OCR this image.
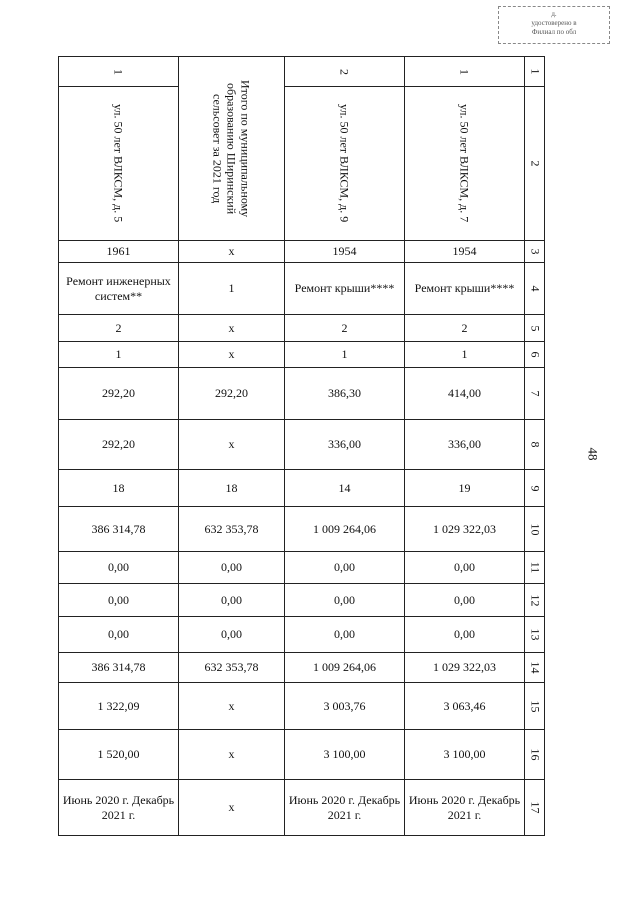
д.
удостоверено в
Филиал по обл
48
1	Итого по муниципальному образованию Ширинский сельсовет за 2021 год	2	1	1

ул. 50 лет ВЛКСМ, д. 5		ул. 50 лет ВЛКСМ, д. 9	ул. 50 лет ВЛКСМ, д. 7	2
1961	x	1954	1954	3
Ремонт инженерных систем**	1	Ремонт крыши****	Ремонт крыши****	4
2	x	2	2	5
1	x	1	1	6
292,20	292,20	386,30	414,00	7
292,20	x	336,00	336,00	8
18	18	14	19	9
386 314,78	632 353,78	1 009 264,06	1 029 322,03	10
0,00	0,00	0,00	0,00	11
0,00	0,00	0,00	0,00	12
0,00	0,00	0,00	0,00	13
386 314,78	632 353,78	1 009 264,06	1 029 322,03	14
1 322,09	x	3 003,76	3 063,46	15
1 520,00	x	3 100,00	3 100,00	16
Июнь 2020 г. Декабрь 2021 г.	x	Июнь 2020 г. Декабрь 2021 г.	Июнь 2020 г. Декабрь 2021 г.	17
